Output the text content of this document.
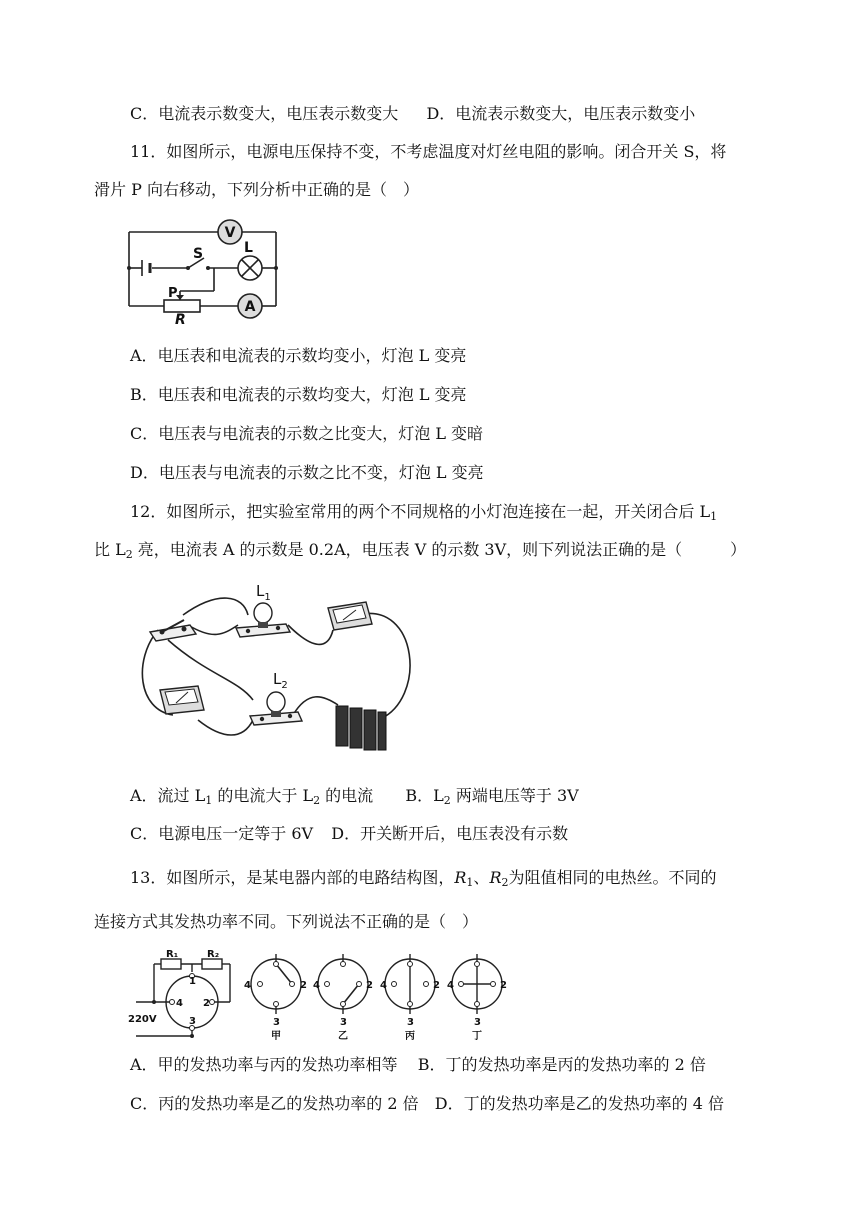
C．电流表示数变大，电压表示数变大 D．电流表示数变大，电压表示数变小
11．如图所示，电源电压保持不变，不考虑温度对灯丝电阻的影响。闭合开关 S，将
滑片 P 向右移动，下列分析中正确的是（　）
V
A
S	L
P
R
A．电压表和电流表的示数均变小，灯泡 L 变亮
B．电压表和电流表的示数均变大，灯泡 L 变亮
C．电压表与电流表的示数之比变大，灯泡 L 变暗
D．电压表与电流表的示数之比不变，灯泡 L 变亮
12．如图所示，把实验室常用的两个不同规格的小灯泡连接在一起，开关闭合后 $L_1$
比 $L_2$ 亮，电流表 A 的示数是 0.2A，电压表 V 的示数 3V，则下列说法正确的是（　　　）
$L_1$
$L_2$
A．流过 $L_1$ 的电流大于 $L_2$ 的电流 B．$L_2$ 两端电压等于 3V
C．电源电压一定等于 6V D．开关断开后，电压表没有示数
13．如图所示，是某电器内部的电路结构图，$R_1$、$R_2$为阻值相同的电热丝。不同的
连接方式其发热功率不同。下列说法不正确的是（　）
R₁	R₂
1
4 2
3
220V
4	2
3
甲
4	2
3
乙
4	2
3
丙
4	2
3
丁
A．甲的发热功率与丙的发热功率相等 B．丁的发热功率是丙的发热功率的 2 倍
C．丙的发热功率是乙的发热功率的 2 倍 D．丁的发热功率是乙的发热功率的 4 倍
